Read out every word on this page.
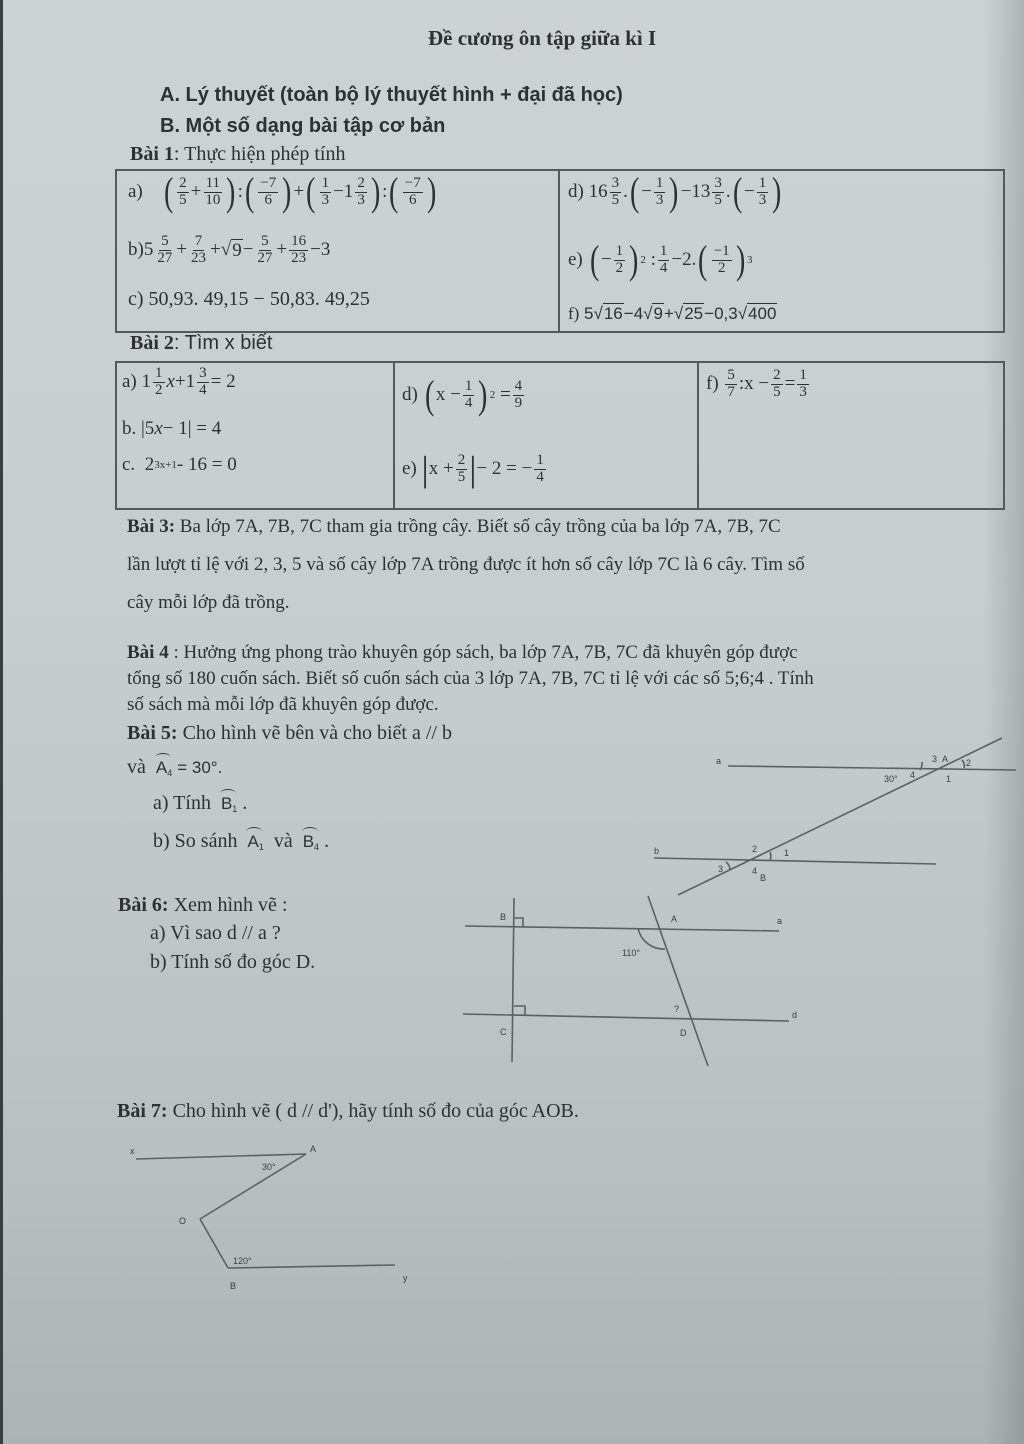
Đề cương ôn tập giữa kì I
A. Lý thuyết (toàn bộ lý thuyết hình + đại đã học)
B. Một số dạng bài tập cơ bản
Bài 1: Thực hiện phép tính
a)
( $\frac{2}{5} + \frac{11}{10}$ ) : ( $\frac{-7}{6}$ ) + ( $\frac{1}{3} -1 \frac{2}{3}$ ) : ( $\frac{-7}{6}$ )
b) $5 \frac{5}{27} + \frac{7}{23}$ +√ $9 - \frac{5}{27} + \frac{16}{23} -3$
c)
50,93. 49,15 − 50,83. 49,25
d) $16 \frac{3}{5}$ . ( − $\frac{1}{3}$ ) $-13 \frac{3}{5}$ . ( − $\frac{1}{3}$ )
e)
( − $\frac{1}{2}$ ) 2 : $\frac{1}{4} -2$. ( $\frac{-1}{2}$ ) 3
f) 5√ 16 −4√ 9 +√ 25 −0,3√ 400
Bài 2: Tìm x biết
a) $1 \frac{1}{2}$ $x +1 \frac{3}{4} = 2$
b. |5 x − 1| = 4
c. 2 3x+1 - 16 = 0
d)
( $x - \frac{1}{4}$ ) $2 = \frac{4}{9}$
e)
| $x + \frac{2}{5}$ | − 2 = − $\frac{1}{4}$
f)
$\frac{5}{7}$ :x − $\frac{2}{5} = \frac{1}{3}$
Bài 3: Ba lớp 7A, 7B, 7C tham gia trồng cây. Biết số cây trồng của ba lớp 7A, 7B, 7C
lần lượt tỉ lệ với 2, 3, 5 và số cây lớp 7A trồng được ít hơn số cây lớp 7C là 6 cây. Tìm số
cây mỗi lớp đã trồng.
Bài 4 : Hưởng ứng phong trào khuyên góp sách, ba lớp 7A, 7B, 7C đã khuyên góp được
tổng số 180 cuốn sách. Biết số cuốn sách của 3 lớp 7A, 7B, 7C tỉ lệ với các số 5;6;4 . Tính
số sách mà mỗi lớp đã khuyên góp được.
Bài 5: Cho hình vẽ bên và cho biết a // b
và $A_4 = 30^\circ$.
a) Tính $B_1$ .
b) So sánh $A_1$ và $B_4$ .
a
b
3 A 2
1
4
30°
2	1
3	4
B
Bài 6: Xem hình vẽ :
a) Vì sao d // a ?
b) Tính số đo góc D.
B	A	a
110°
?
d
C	D
Bài 7: Cho hình vẽ ( d // d'), hãy tính số đo của góc AOB.
x	A
30°
O
120°
B
y
